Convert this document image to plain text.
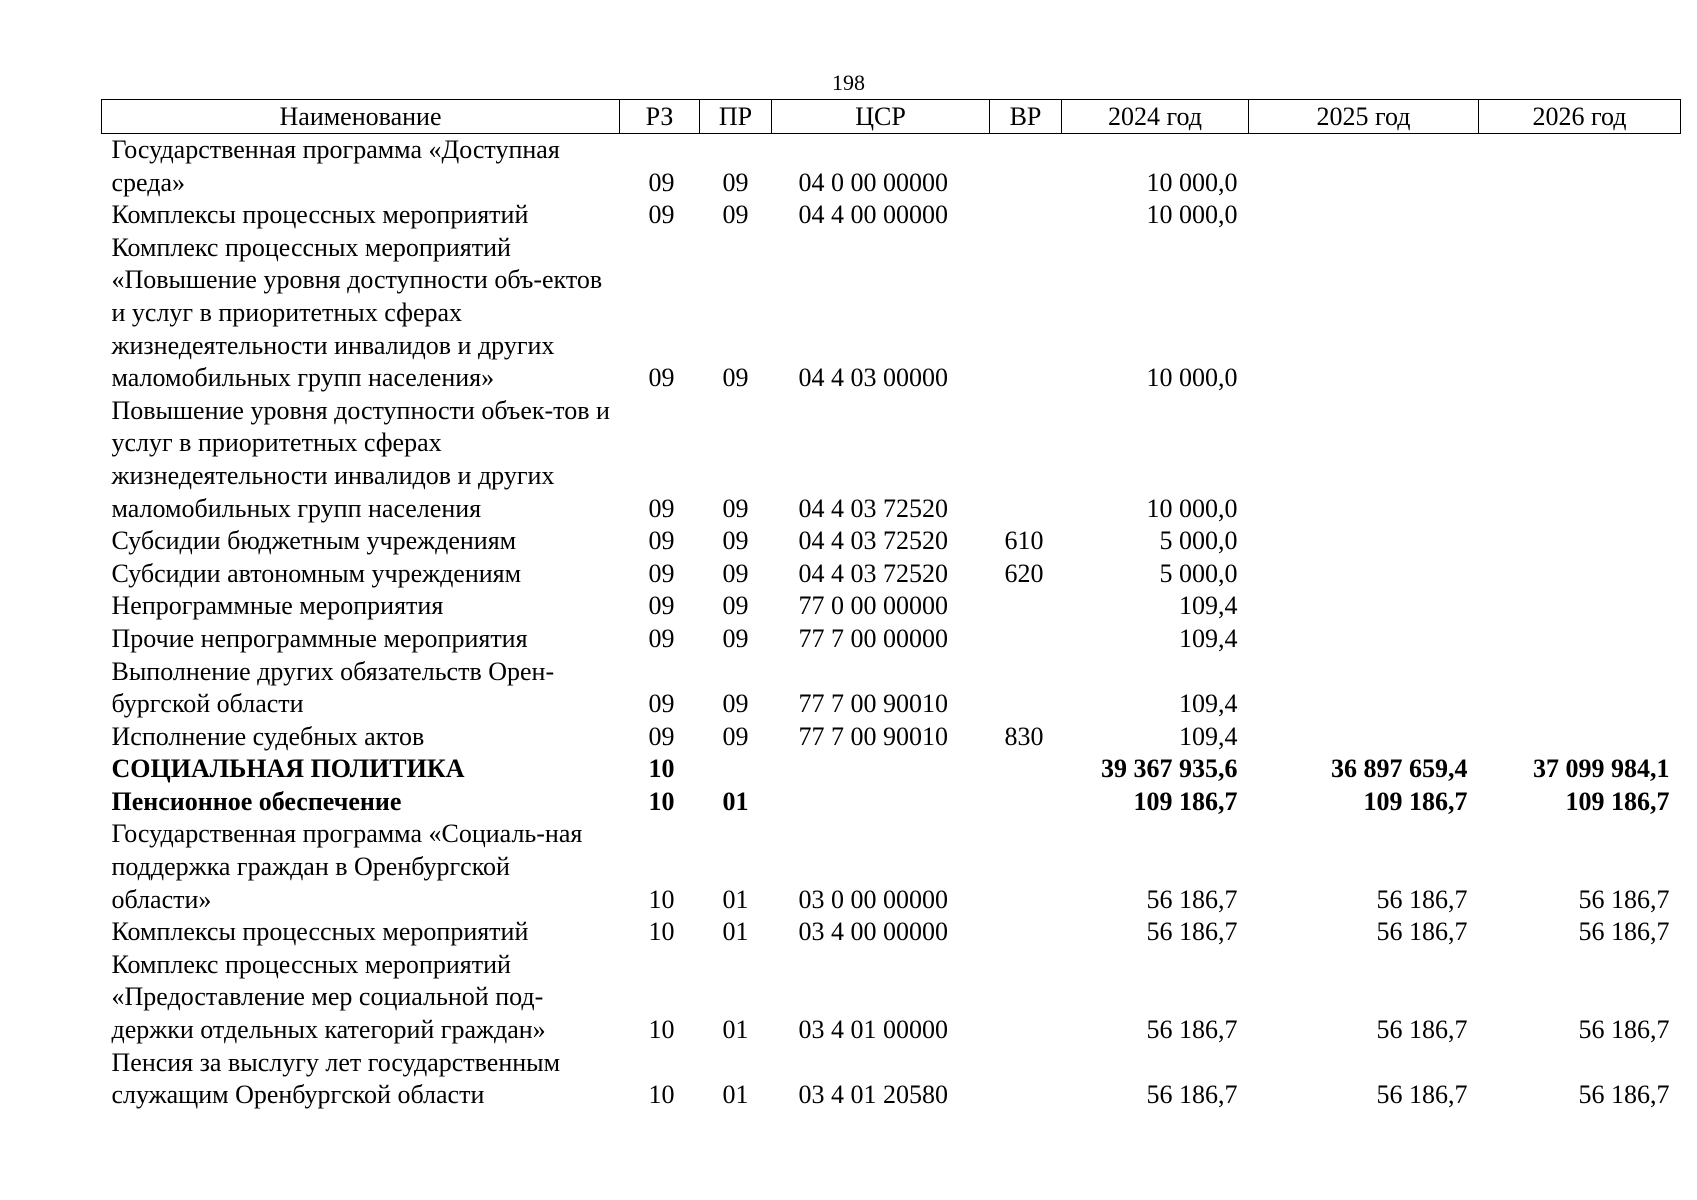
198
Наименование	РЗ	ПР	ЦСР	ВР	2024 год	2025 год	2026 год
Государственная программа «Доступная среда»	09	09	04 0 00 00000		10 000,0		
Комплексы процессных мероприятий	09	09	04 4 00 00000		10 000,0		
Комплекс процессных мероприятий «Повышение уровня доступности объ-ектов и услуг в приоритетных сферах жизнедеятельности инвалидов и других маломобильных групп населения»	09	09	04 4 03 00000		10 000,0		
Повышение уровня доступности объек-тов и услуг в приоритетных сферах жизнедеятельности инвалидов и других маломобильных групп населения	09	09	04 4 03 72520		10 000,0		
Субсидии бюджетным учреждениям	09	09	04 4 03 72520	610	5 000,0		
Субсидии автономным учреждениям	09	09	04 4 03 72520	620	5 000,0		
Непрограммные мероприятия	09	09	77 0 00 00000		109,4		
Прочие непрограммные мероприятия	09	09	77 7 00 00000		109,4		
Выполнение других обязательств Орен-бургской области	09	09	77 7 00 90010		109,4		
Исполнение судебных актов	09	09	77 7 00 90010	830	109,4		
СОЦИАЛЬНАЯ ПОЛИТИКА	10				39 367 935,6	36 897 659,4	37 099 984,1
Пенсионное обеспечение	10	01			109 186,7	109 186,7	109 186,7
Государственная программа «Социаль-ная поддержка граждан в Оренбургской области»	10	01	03 0 00 00000		56 186,7	56 186,7	56 186,7
Комплексы процессных мероприятий	10	01	03 4 00 00000		56 186,7	56 186,7	56 186,7
Комплекс процессных мероприятий «Предоставление мер социальной под-держки отдельных категорий граждан»	10	01	03 4 01 00000		56 186,7	56 186,7	56 186,7
Пенсия за выслугу лет государственным служащим Оренбургской области	10	01	03 4 01 20580		56 186,7	56 186,7	56 186,7
